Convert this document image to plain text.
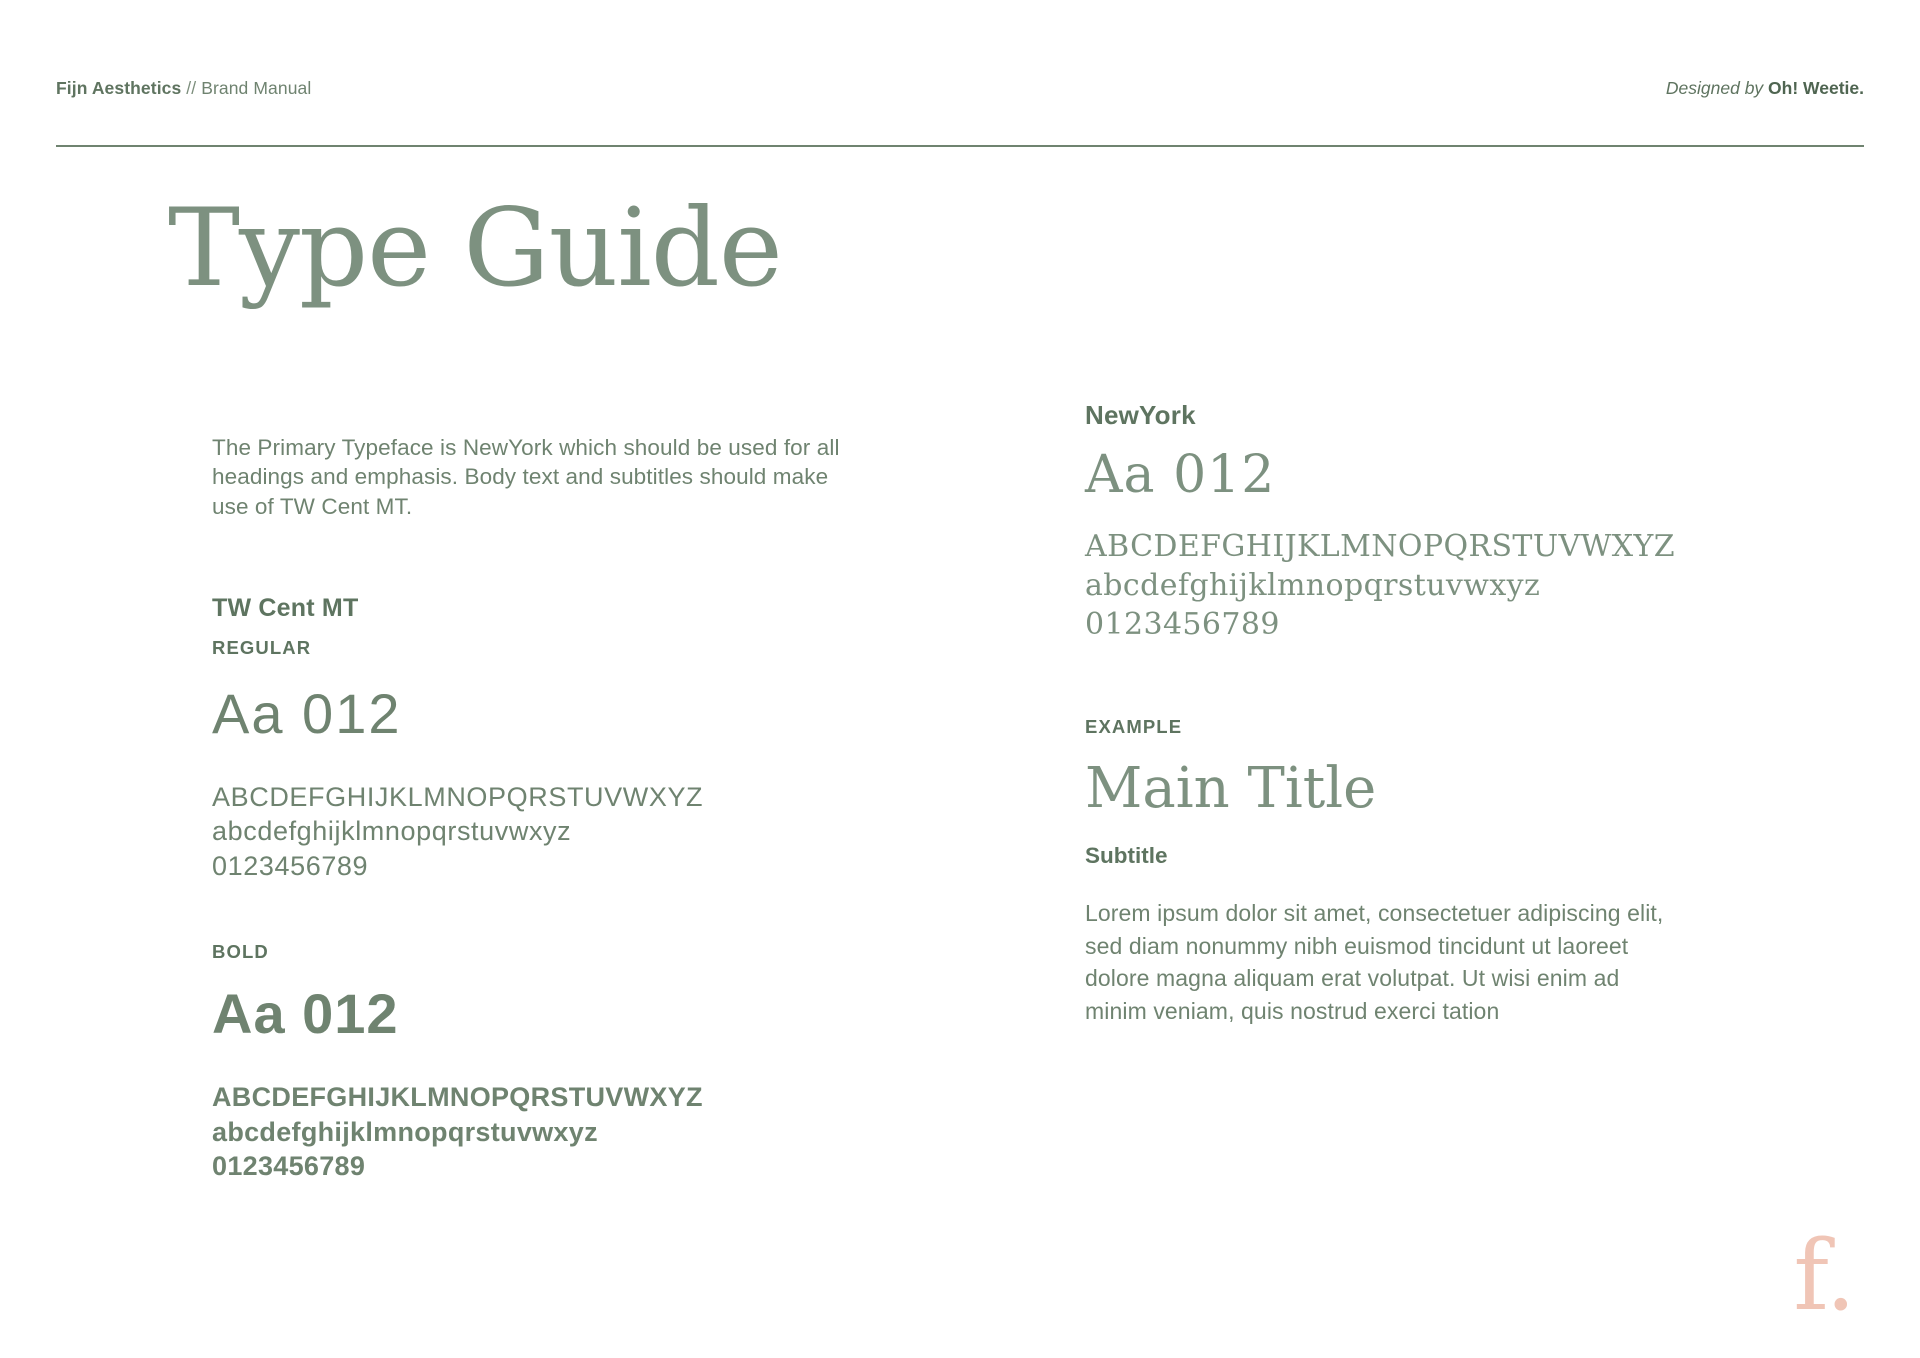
Fijn Aesthetics // Brand Manual	Designed by Oh! Weetie.
Type Guide

The Primary Typeface is NewYork which should be used for all headings and emphasis. Body text and subtitles should make use of TW Cent MT.

TW Cent MT
REGULAR
Aa 012
ABCDEFGHIJKLMNOPQRSTUVWXYZ
abcdefghijklmnopqrstuvwxyz
0123456789
BOLD
Aa 012
ABCDEFGHIJKLMNOPQRSTUVWXYZ
abcdefghijklmnopqrstuvwxyz
0123456789
NewYork
Aa 012
ABCDEFGHIJKLMNOPQRSTUVWXYZ
abcdefghijklmnopqrstuvwxyz
0123456789
EXAMPLE
Main Title
Subtitle

Lorem ipsum dolor sit amet, consectetuer adipiscing elit, sed diam nonummy nibh euismod tincidunt ut laoreet dolore magna aliquam erat volutpat. Ut wisi enim ad minim veniam, quis nostrud exerci tation

f.
